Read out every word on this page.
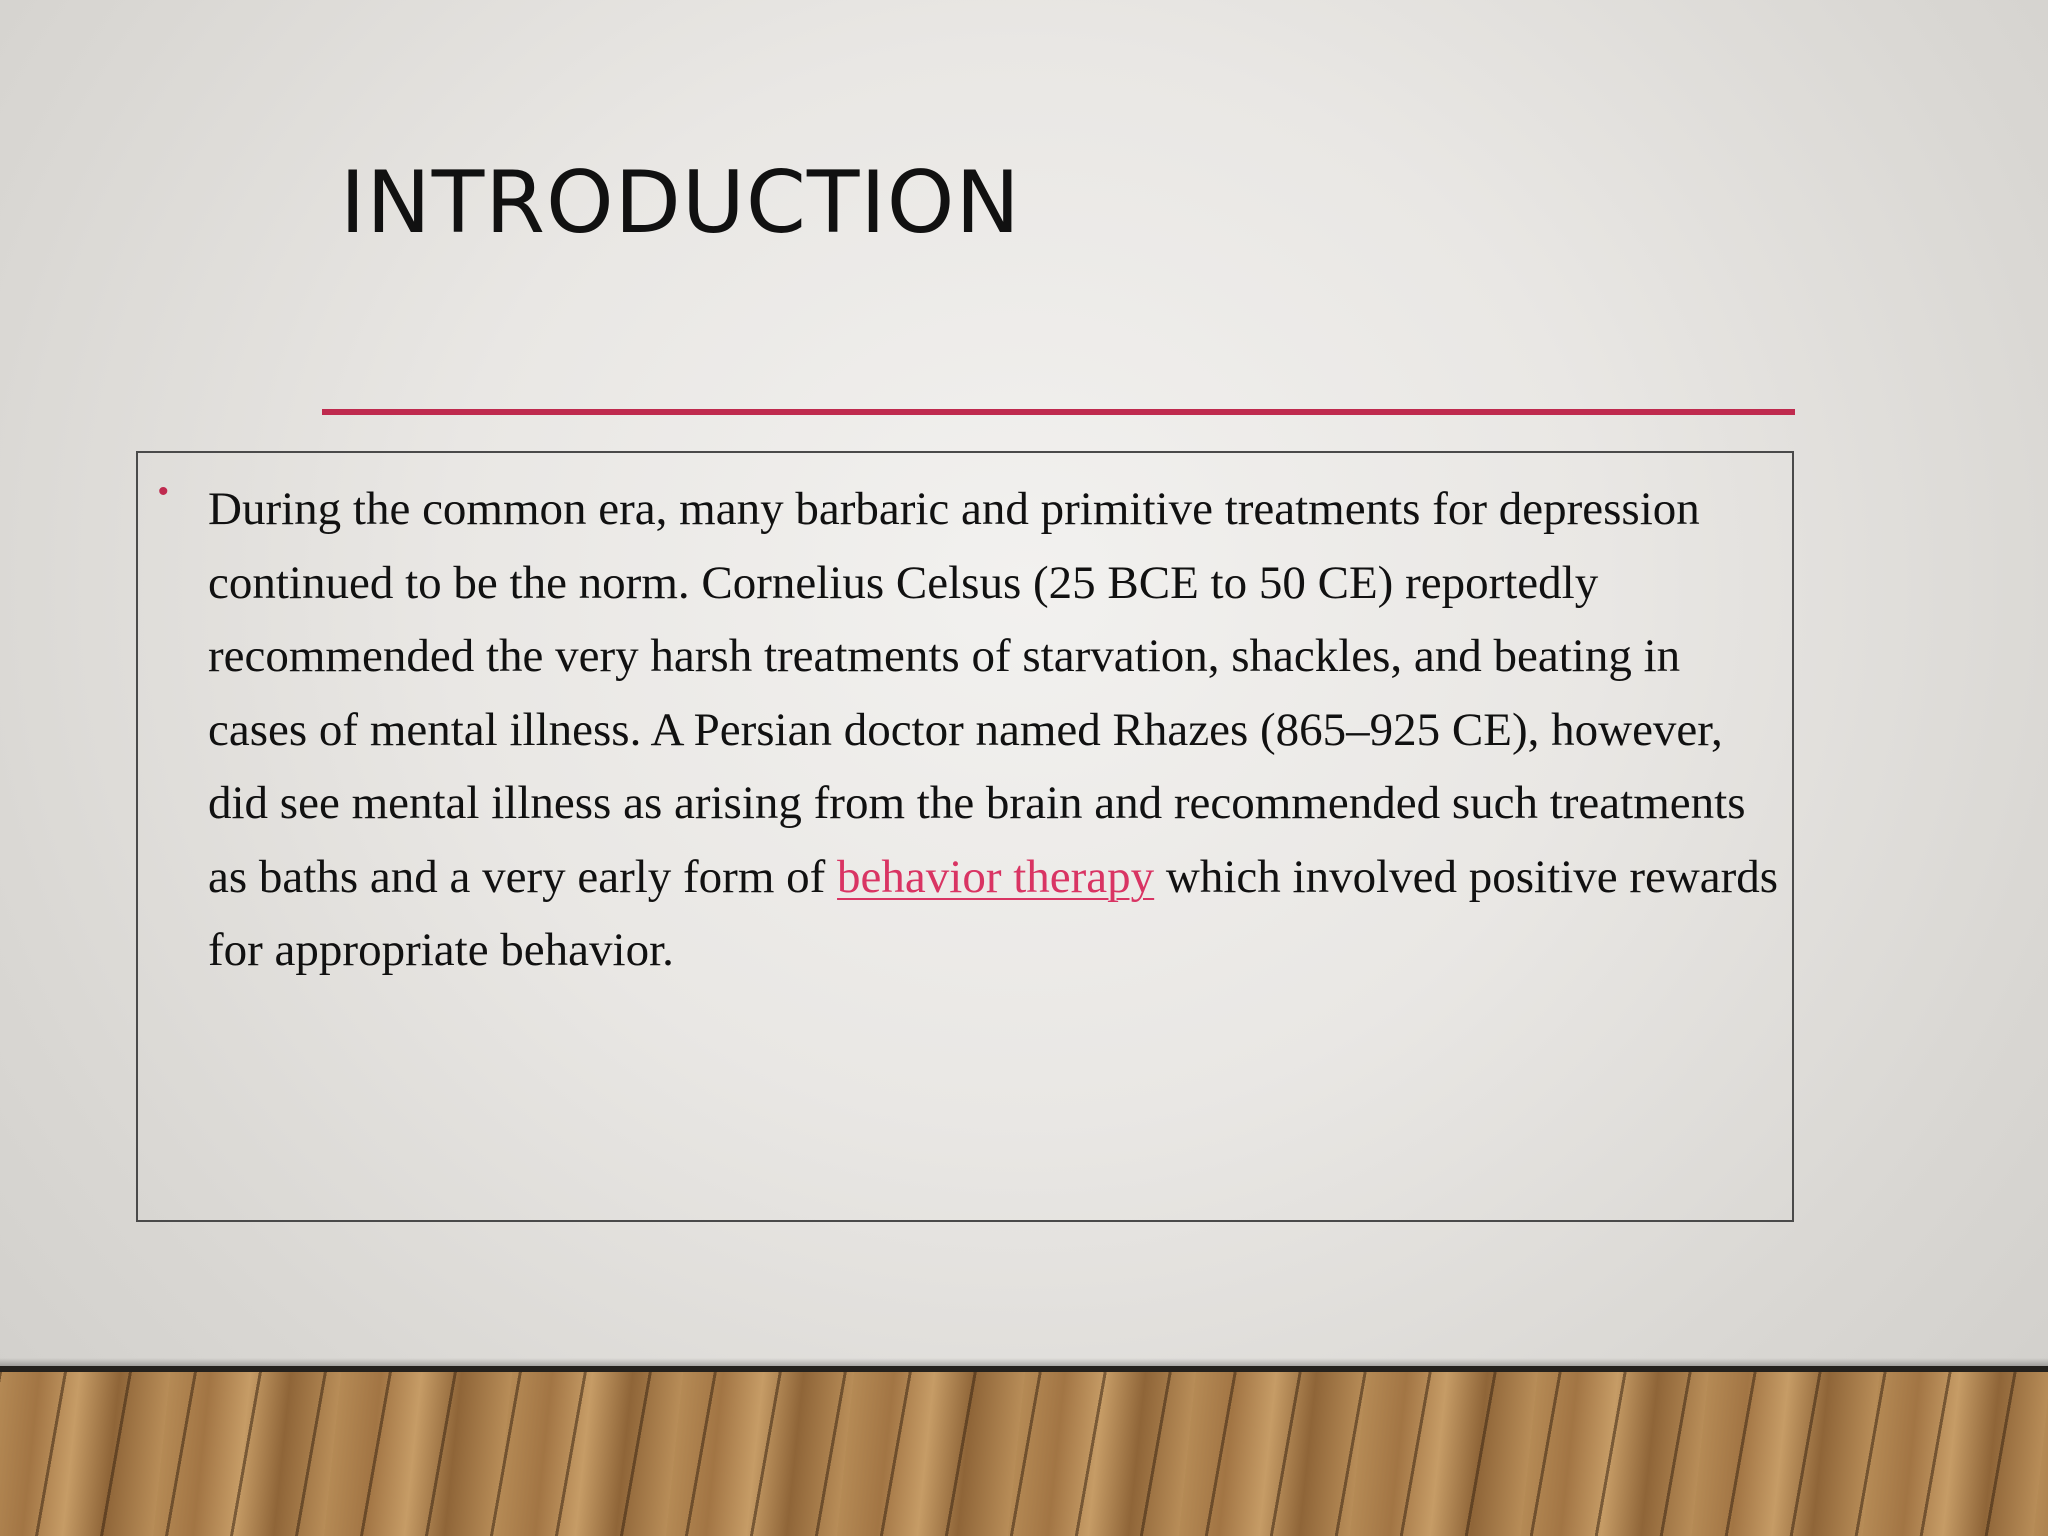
INTRODUCTION
• During the common era, many barbaric and primitive treatments for depression continued to be the norm. Cornelius Celsus (25 BCE to 50 CE) reportedly recommended the very harsh treatments of starvation, shackles, and beating in cases of mental illness. A Persian doctor named Rhazes (865–925 CE), however, did see mental illness as arising from the brain and recommended such treatments as baths and a very early form of behavior therapy which involved positive rewards for appropriate behavior.
